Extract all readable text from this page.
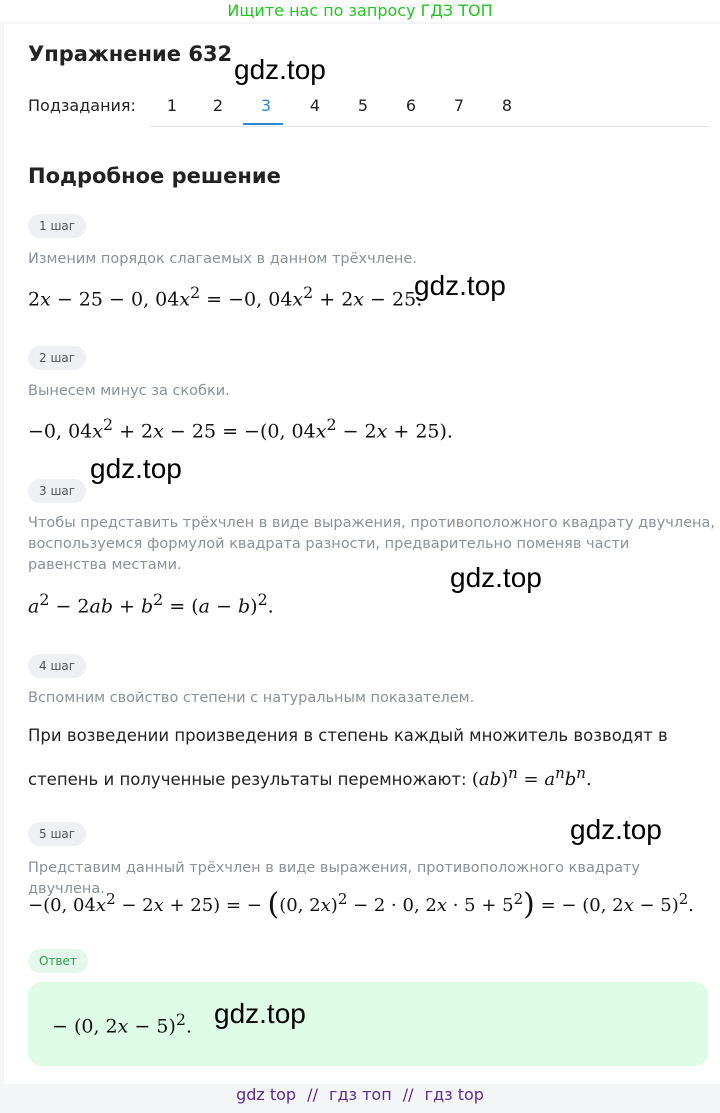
Ищите нас по запросу ГДЗ ТОП
Упражнение 632 gdz.top
Подзадания:	1	2	3	4	5	6	7	8
Подробное решение
1 шаг
Изменим порядок слагаемых в данном трёхчлене.
2x − 25 − 0, $04x^2 = -0$, $04x^2 + 2x - 25$.
gdz.top
2 шаг
Вынесем минус за скобки.
−0, $04x^2 + 2x - 25 = -(0$, $04x^2 - 2x + 25$).
gdz.top
3 шаг
Чтобы представить трёхчлен в виде выражения, противоположного квадрату двучлена,
воспользуемся формулой квадрата разности, предварительно поменяв части
равенства местами.
$a^2 - 2ab + b^2 = (a - b)^2$.
gdz.top
4 шаг
Вспомним свойство степени с натуральным показателем.
При возведении произведения в степень каждый множитель возводят в
степень и полученные результаты перемножают: $(ab)^n = a^nb^n$.
5 шаг	gdz.top
Представим данный трёхчлен в виде выражения, противоположного квадрату двучлена.
−(0, $04x^2 - 2x + 25$) = − ((0, 2x)$^2$ − 2 · 0, $2x \cdot 5 + 5^2$) = − (0, 2x − 5)$^2$.
Ответ
− (0, 2x − 5)$^2$. gdz.top
gdz top // гдз топ // гдз top
